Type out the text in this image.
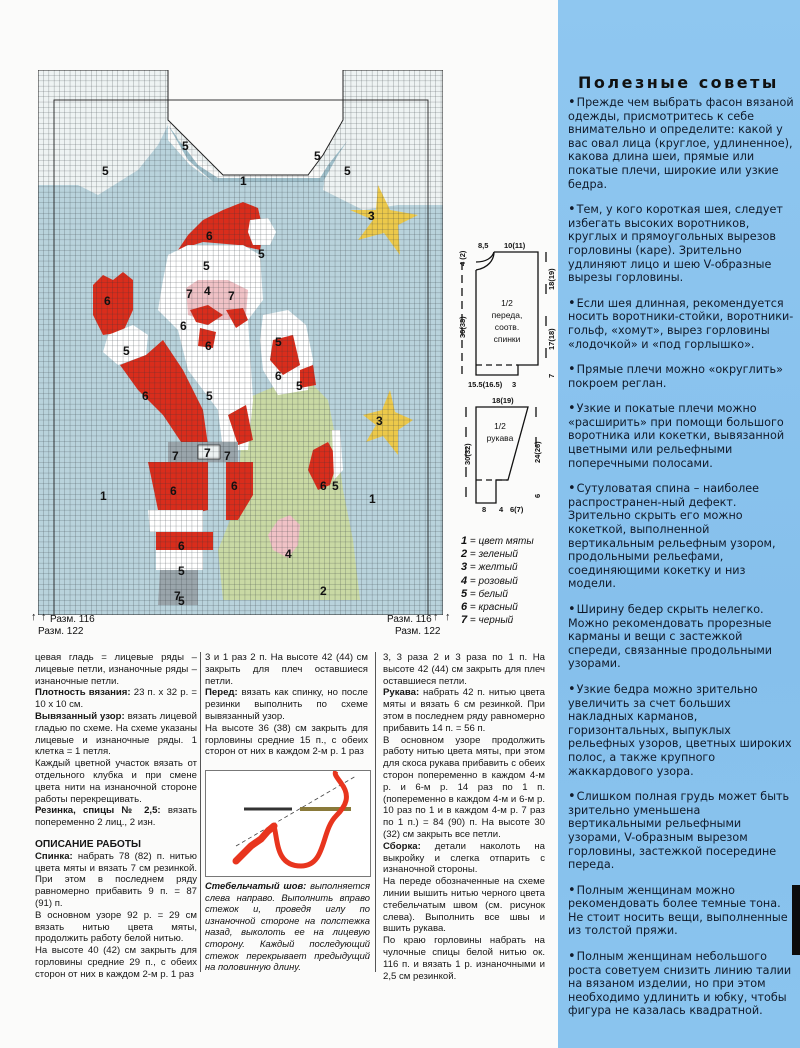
5
5
1
5
5
3
6
5
5
6
4
7	7
6
6
5
5
6	5
6
5
3
7 7 7
6	6
1
6 5
1
6
5
4
5
7	2
↑ ↑ Разм. 116
Разм. 122
Разм. 116 ↑ ↑
Разм. 122
8,5 10(11)
3
15.5(16.5)
4 (2)
36(38)
18(19)
17(18)
7
1/2
переда,
соотв.
спинки
18(19)
30(32)	24(26)
6
8 4 6(7)
1/2
рукава
1 = цвет мяты
2 = зеленый
3 = желтый
4 = розовый
5 = белый
6 = красный
7 = черный

цевая гладь = лицевые ряды – лицевые петли, изнаночные ряды – изнаночные петли.

Плотность вязания: 23 п. х 32 р. = 10 х 10 см.

Вывязанный узор: вязать лицевой гладью по схеме. На схеме указаны лицевые и изнаночные ряды. 1 клетка = 1 петля.

Каждый цветной участок вязать от отдельного клубка и при смене цвета нити на изнаночной стороне работы перекрещивать.

Резинка, спицы № 2,5: вязать попеременно 2 лиц., 2 изн.

ОПИСАНИЕ РАБОТЫ

Спинка: набрать 78 (82) п. нитью цвета мяты и вязать 7 см резинкой. При этом в последнем ряду равномерно прибавить 9 п. = 87 (91) п.

В основном узоре 92 р. = 29 см вязать нитью цвета мяты, продолжить работу белой нитью.

На высоте 40 (42) см закрыть для горловины средние 29 п., с обеих сторон от них в каждом 2-м р. 1 раз

3 и 1 раз 2 п. На высоте 42 (44) см закрыть для плеч оставшиеся петли.

Перед: вязать как спинку, но после резинки выполнить по схеме вывязанный узор.

На высоте 36 (38) см закрыть для горловины средние 15 п., с обеих сторон от них в каждом 2-м р. 1 раз

Стебельчатый шов: выполняется слева направо. Выполнить вправо стежок и, проведя иглу по изнаночной стороне на полстежка назад, выколоть ее на лицевую сторону. Каждый последующий стежок перекрывает предыдущий на половинную длину.

3, 3 раза 2 и 3 раза по 1 п. На высоте 42 (44) см закрыть для плеч оставшиеся петли.

Рукава: набрать 42 п. нитью цвета мяты и вязать 6 см резинкой. При этом в последнем ряду равномерно прибавить 14 п. = 56 п.

В основном узоре продолжить работу нитью цвета мяты, при этом для скоса рукава прибавить с обеих сторон попеременно в каждом 4-м р. и 6-м р. 14 раз по 1 п. (попеременно в каждом 4-м и 6-м р. 10 раз по 1 и в каждом 4-м р. 7 раз по 1 п.) = 84 (90) п. На высоте 30 (32) см закрыть все петли.

Сборка: детали наколоть на выкройку и слегка отпарить с изнаночной стороны.

На переде обозначенные на схеме линии вышить нитью черного цвета стебельчатым швом (см. рисунок слева). Выполнить все швы и вшить рукава.

По краю горловины набрать на чулочные спицы белой нитью ок. 116 п. и вязать 1 р. изнаночными и 2,5 см резинкой.

Полезные советы

• Прежде чем выбрать фасон вязаной одежды, присмотритесь к себе внимательно и определите: какой у вас овал лица (круглое, удлиненное), какова длина шеи, прямые или покатые плечи, широкие или узкие бедра.

• Тем, у кого короткая шея, следует избегать высоких воротников, круглых и прямоугольных вырезов горловины (каре). Зрительно удлиняют лицо и шею V-образные вырезы горловины.

• Если шея длинная, рекомендуется носить воротники-стойки, воротники-гольф, «хомут», вырез горловины «лодочкой» и «под горлышко».

• Прямые плечи можно «округлить» покроем реглан.

• Узкие и покатые плечи можно «расширить» при помощи большого воротника или кокетки, вывязанной цветными или рельефными поперечными полосами.

• Сутуловатая спина – наиболее распространен-ный дефект. Зрительно скрыть его можно кокеткой, выполненной вертикальным рельефным узором, продольными рельефами, соединяющими кокетку и низ модели.

• Ширину бедер скрыть нелегко. Можно рекомендовать прорезные карманы и вещи с застежкой спереди, связанные продольными узорами.

• Узкие бедра можно зрительно увеличить за счет больших накладных карманов, горизонтальных, выпуклых рельефных узоров, цветных широких полос, а также крупного жаккардового узора.

• Слишком полная грудь может быть зрительно уменьшена вертикальными рельефными узорами, V-образным вырезом горловины, застежкой посередине переда.

• Полным женщинам можно рекомендовать более темные тона. Не стоит носить вещи, выполненные из толстой пряжи.

• Полным женщинам небольшого роста советуем снизить линию талии на вязаном изделии, но при этом необходимо удлинить и юбку, чтобы фигура не казалась квадратной.
